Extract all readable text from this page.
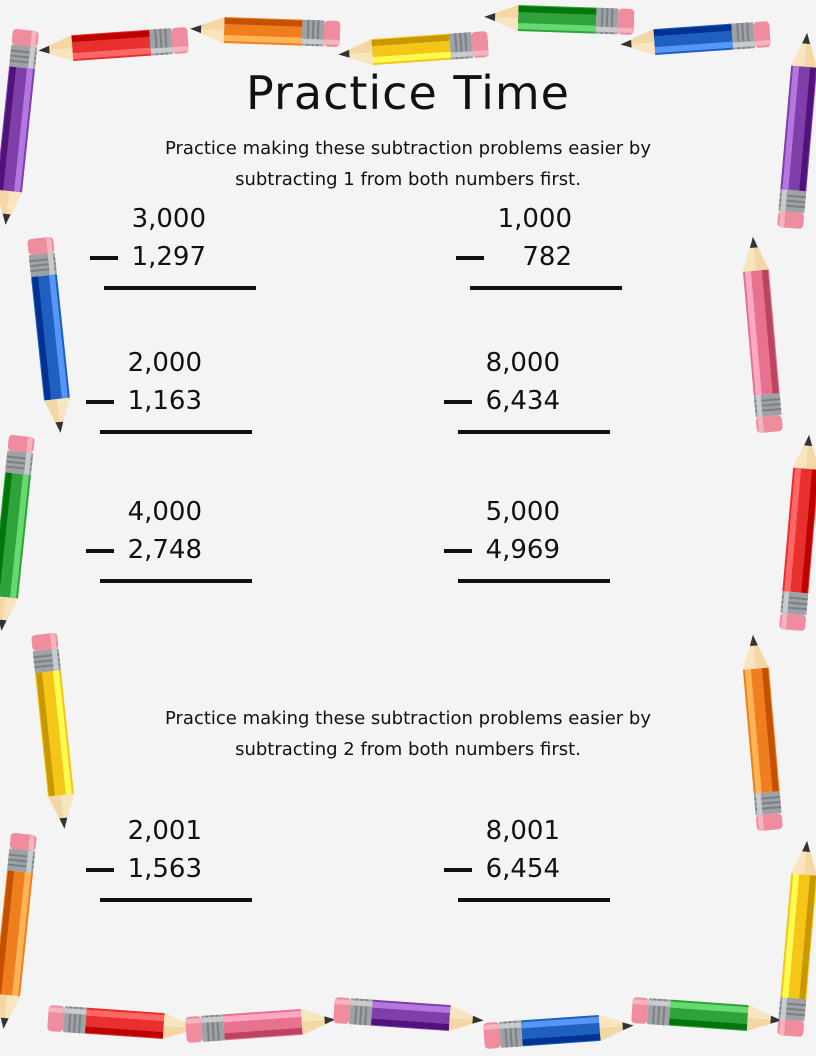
Practice Time
Practice making these subtraction problems easier by
subtracting 1 from both numbers first.
3,000
1,297
1,000
782
2,000
1,163
8,000
6,434
4,000
2,748
5,000
4,969
Practice making these subtraction problems easier by
subtracting 2 from both numbers first.
2,001
1,563
8,001
6,454
